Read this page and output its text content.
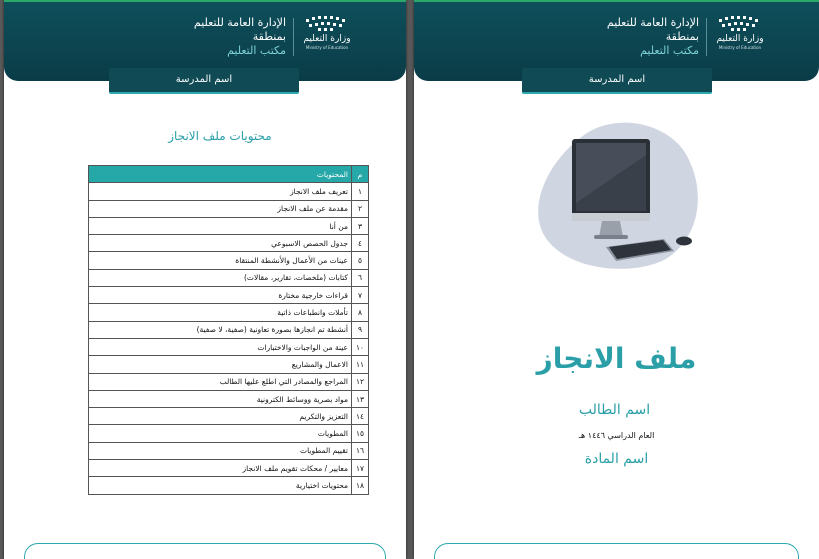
الإدارة العامة للتعليم
بمنطقة
مكتب التعليم
وزارة التعليم
Ministry of Education
اسم المدرسة
محتويات ملف الانجاز
م	المحتويات
١	تعريف ملف الانجاز
٢	مقدمة عن ملف الانجاز
٣	من أنا
٤	جدول الحصص الاسبوعي
٥	عينات من الأعمال والأنشطة المنتقاة
٦	كتابات (ملخصات، تقارير، مقالات)
٧	قراءات خارجية مختارة
٨	تأملات وانطباعات ذاتية
٩	أنشطة تم انجازها بصورة تعاونية (صفية، لا صفية)
١٠	عينة من الواجبات والاختبارات
١١	الاعمال والمشاريع
١٢	المراجع والمصادر التي اطلع عليها الطالب
١٣	مواد بصرية ووسائط الكترونية
١٤	التعزيز والتكريم
١٥	المطويات
١٦	تقييم المطويات
١٧	معايير / محكات تقويم ملف الانجاز
١٨	محتويات اختيارية
الإدارة العامة للتعليم
بمنطقة
مكتب التعليم
وزارة التعليم
Ministry of Education
اسم المدرسة
ملف الانجاز
اسم الطالب
العام الدراسي ١٤٤٦ هـ
اسم المادة
